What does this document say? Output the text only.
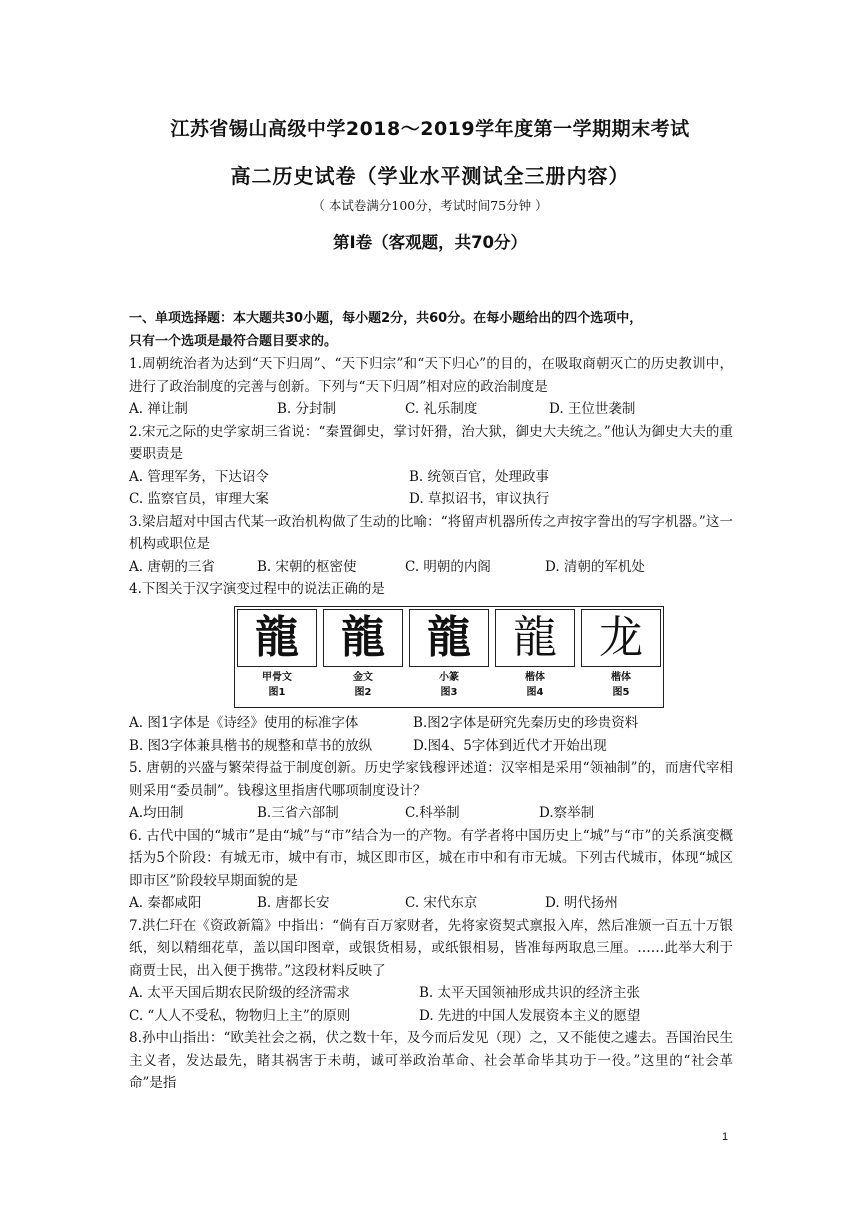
江苏省锡山高级中学2018～2019学年度第一学期期末考试
高二历史试卷（学业水平测试全三册内容）
（ 本试卷满分100分，考试时间75分钟 ）
第Ⅰ卷（客观题，共70分）
一、单项选择题：本大题共30小题，每小题2分，共60分。在每小题给出的四个选项中，
只有一个选项是最符合题目要求的。
1.周朝统治者为达到“天下归周”、“天下归宗”和“天下归心”的目的，在吸取商朝灭亡的历史教训中，进行了政治制度的完善与创新。下列与“天下归周”相对应的政治制度是
A. 禅让制	B. 分封制	C. 礼乐制度	D. 王位世袭制
2.宋元之际的史学家胡三省说：“秦置御史，掌讨奸猾，治大狱，御史大夫统之。”他认为御史大夫的重要职责是
A. 管理军务，下达诏令	B. 统领百官，处理政事
C. 监察官员，审理大案	D. 草拟诏书，审议执行
3.梁启超对中国古代某一政治机构做了生动的比喻：“将留声机器所传之声按字誊出的写字机器。”这一机构或职位是
A. 唐朝的三省	B. 宋朝的枢密使	C. 明朝的内阁	D. 清朝的军机处
4.下图关于汉字演变过程中的说法正确的是
龍
甲骨文
图1
龍
金文
图2
龍
小篆
图3
龍
楷体
图4
龙
楷体
图5
A. 图1字体是《诗经》使用的标准字体	B.图2字体是研究先秦历史的珍贵资料
B. 图3字体兼具楷书的规整和草书的放纵	D.图4、5字体到近代才开始出现
5. 唐朝的兴盛与繁荣得益于制度创新。历史学家钱穆评述道：汉宰相是采用“领袖制”的，而唐代宰相则采用“委员制”。钱穆这里指唐代哪项制度设计？
A.均田制	B.三省六部制	C.科举制	D.察举制
6. 古代中国的“城市”是由“城”与“市”结合为一的产物。有学者将中国历史上“城”与“市”的关系演变概括为5个阶段：有城无市，城中有市，城区即市区，城在市中和有市无城。下列古代城市，体现“城区即市区”阶段较早期面貌的是
A. 秦都咸阳	B. 唐都长安	C. 宋代东京	D. 明代扬州
7.洪仁玕在《资政新篇》中指出：“倘有百万家财者，先将家资契式禀报入库，然后准颁一百五十万银纸，刻以精细花草，盖以国印图章，或银货相易，或纸银相易，皆准每两取息三厘。……此举大利于商贾士民，出入便于携带。”这段材料反映了
A. 太平天国后期农民阶级的经济需求	B. 太平天国领袖形成共识的经济主张
C. “人人不受私，物物归上主”的原则	D. 先进的中国人发展资本主义的愿望
8.孙中山指出：“欧美社会之祸，伏之数十年，及今而后发见（现）之，又不能使之遽去。吾国治民生主义者，发达最先，睹其祸害于未萌，诚可举政治革命、社会革命毕其功于一役。”这里的“社会革命”是指
1
